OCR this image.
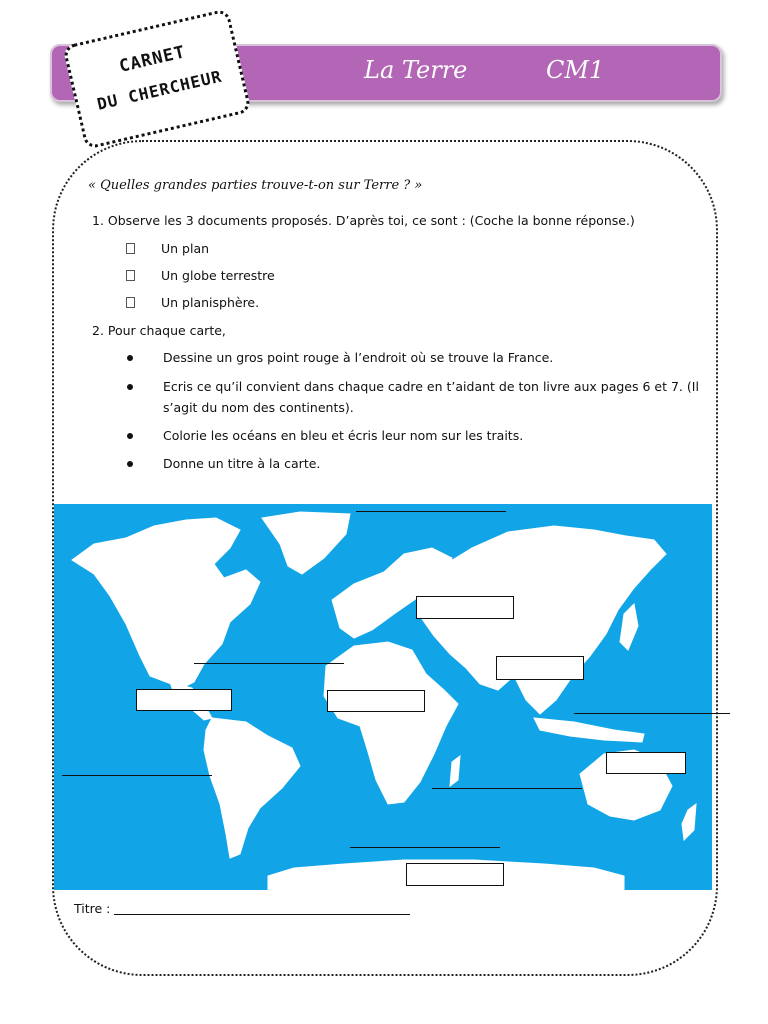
La Terre	CM1
CARNET
DU CHERCHEUR
« Quelles grandes parties trouve-t-on sur Terre ? »
1. Observe les 3 documents proposés. D’après toi, ce sont : (Coche la bonne réponse.)
Un plan
Un globe terrestre
Un planisphère.
2. Pour chaque carte,
Dessine un gros point rouge à l’endroit où se trouve la France.
Ecris ce qu’il convient dans chaque cadre en t’aidant de ton livre aux pages 6 et 7. (Il s’agit du nom des continents).
Colorie les océans en bleu et écris leur nom sur les traits.
Donne un titre à la carte.
Titre :
